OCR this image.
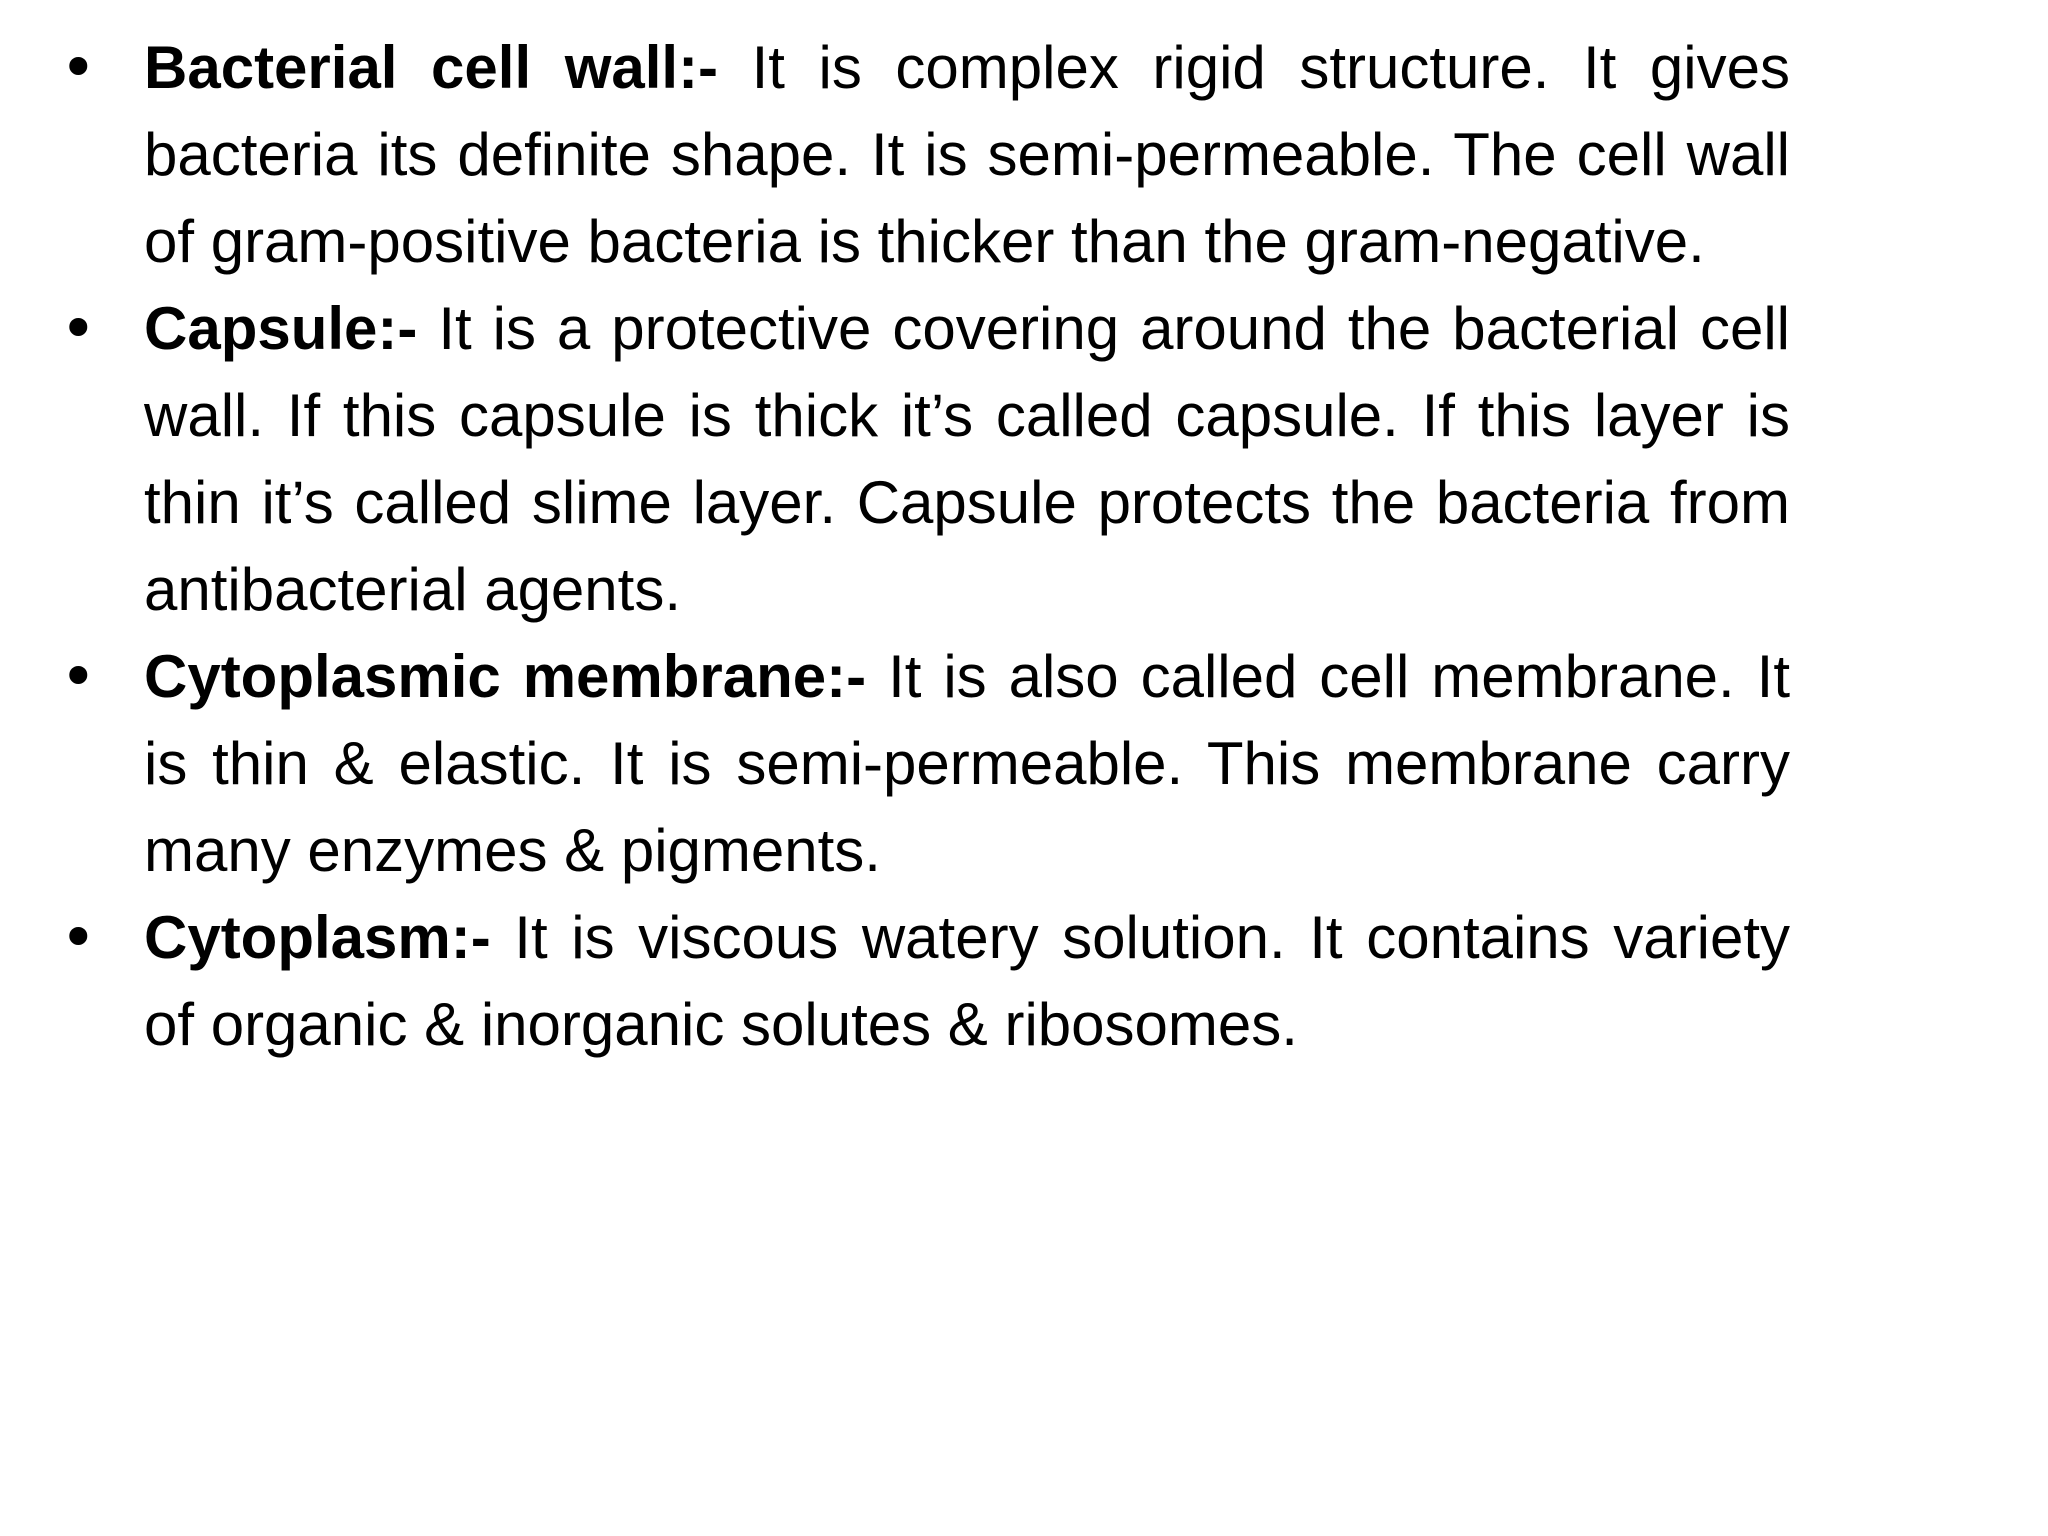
• Bacterial cell wall:- It is complex rigid structure. It gives bacteria its definite shape. It is semi-permeable. The cell wall of gram-positive bacteria is thicker than the gram-negative.

• Capsule:- It is a protective covering around the bacterial cell wall. If this capsule is thick it’s called capsule. If this layer is thin it’s called slime layer. Capsule protects the bacteria from antibacterial agents.

• Cytoplasmic membrane:- It is also called cell membrane. It is thin & elastic. It is semi-permeable. This membrane carry many enzymes & pigments.

• Cytoplasm:- It is viscous watery solution. It contains variety of organic & inorganic solutes & ribosomes.
